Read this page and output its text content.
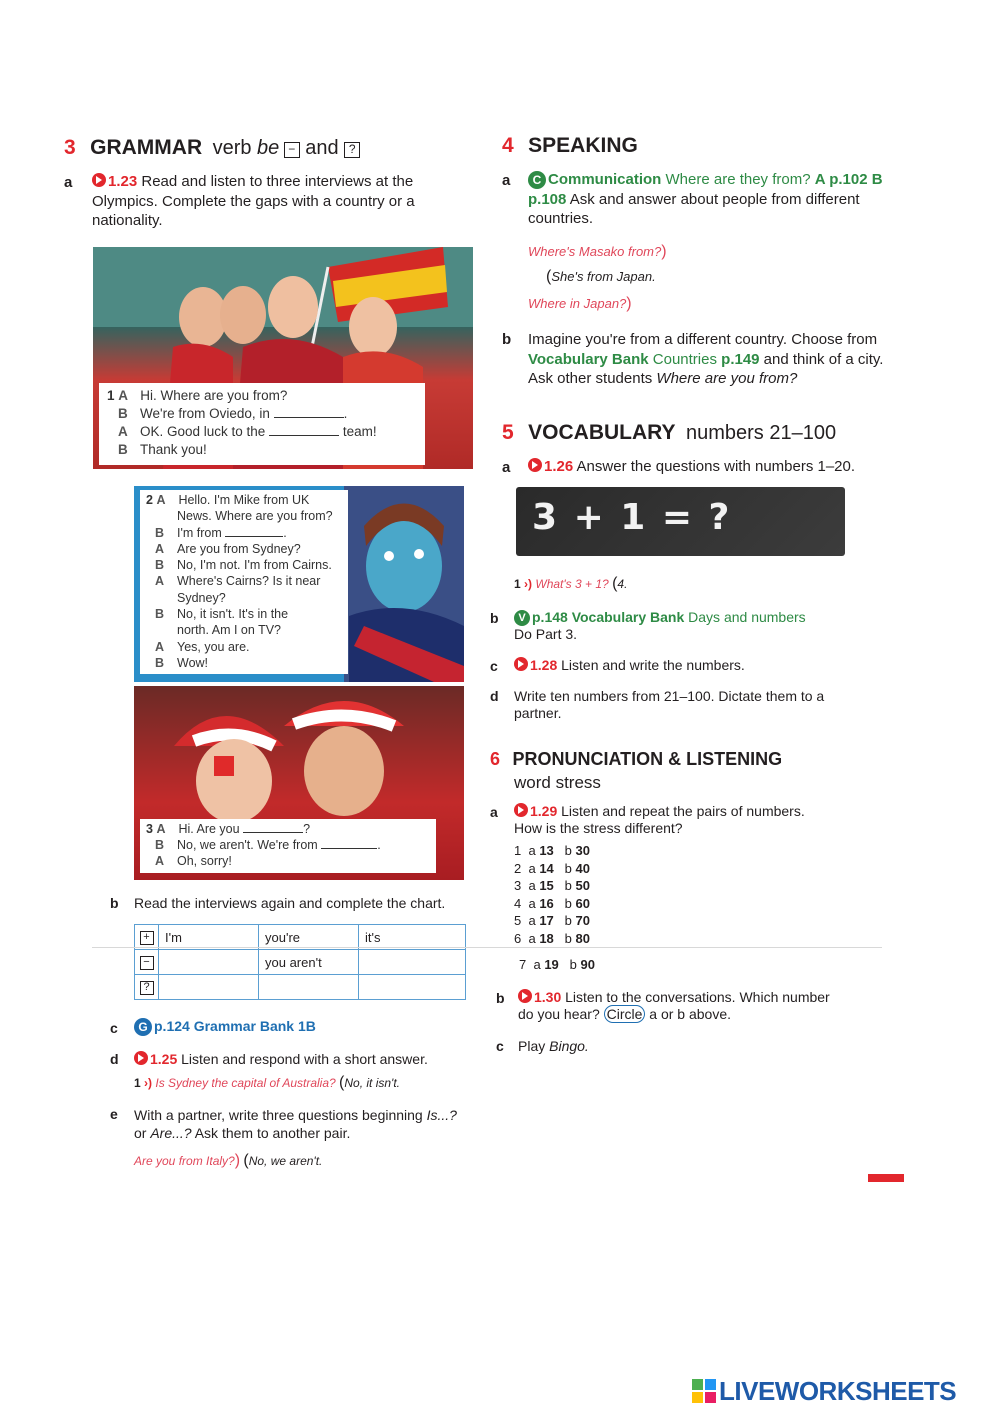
3 GRAMMAR verb be − and ?
a	1.23 Read and listen to three interviews at the Olympics. Complete the gaps with a country or a nationality.
1 A Hi. Where are you from?
B We're from Oviedo, in	.
A OK. Good luck to the	team!
B Thank you!
2 A Hello. I'm Mike from UK
News. Where are you from?
B I'm from	.
A Are you from Sydney?
B No, I'm not. I'm from Cairns.
A Where's Cairns? Is it near
Sydney?
B No, it isn't. It's in the
north. Am I on TV?
A Yes, you are.
B Wow!
3 A Hi. Are you	?
B No, we aren't. We're from	.
A Oh, sorry!
b Read the interviews again and complete the chart.
+	I'm	you're	it's
−		you aren't	
?			
c	G p.124 Grammar Bank 1B
d	1.25 Listen and respond with a short answer.
1 ›) Is Sydney the capital of Australia? (No, it isn't.
e With a partner, write three questions beginning Is...? or Are...? Ask them to another pair.
Are you from Italy?) (No, we aren't.
4 SPEAKING
a	C Communication Where are they from? A p.102 B p.108 Ask and answer about people from different countries.
Where's Masako from?)
(She's from Japan.
Where in Japan?)
b Imagine you're from a different country. Choose from Vocabulary Bank Countries p.149 and think of a city. Ask other students Where are you from?
5 VOCABULARY numbers 21–100
a	1.26 Answer the questions with numbers 1–20.
3 + 1 = ?
1 ›) What's 3 + 1? (4.
b	V p.148 Vocabulary Bank Days and numbers
Do Part 3.
c	1.28 Listen and write the numbers.
d Write ten numbers from 21–100. Dictate them to a partner.
6 PRONUNCIATION & LISTENING
word stress
a	1.29 Listen and repeat the pairs of numbers.
How is the stress different?
1  a 13   b 30
2  a 14   b 40
3  a 15   b 50
4  a 16   b 60
5  a 17   b 70
6  a 18   b 80
7  a 19   b 90
b	1.30 Listen to the conversations. Which number
do you hear? Circle a or b above.
c Play Bingo.
LIVEWORKSHEETS
